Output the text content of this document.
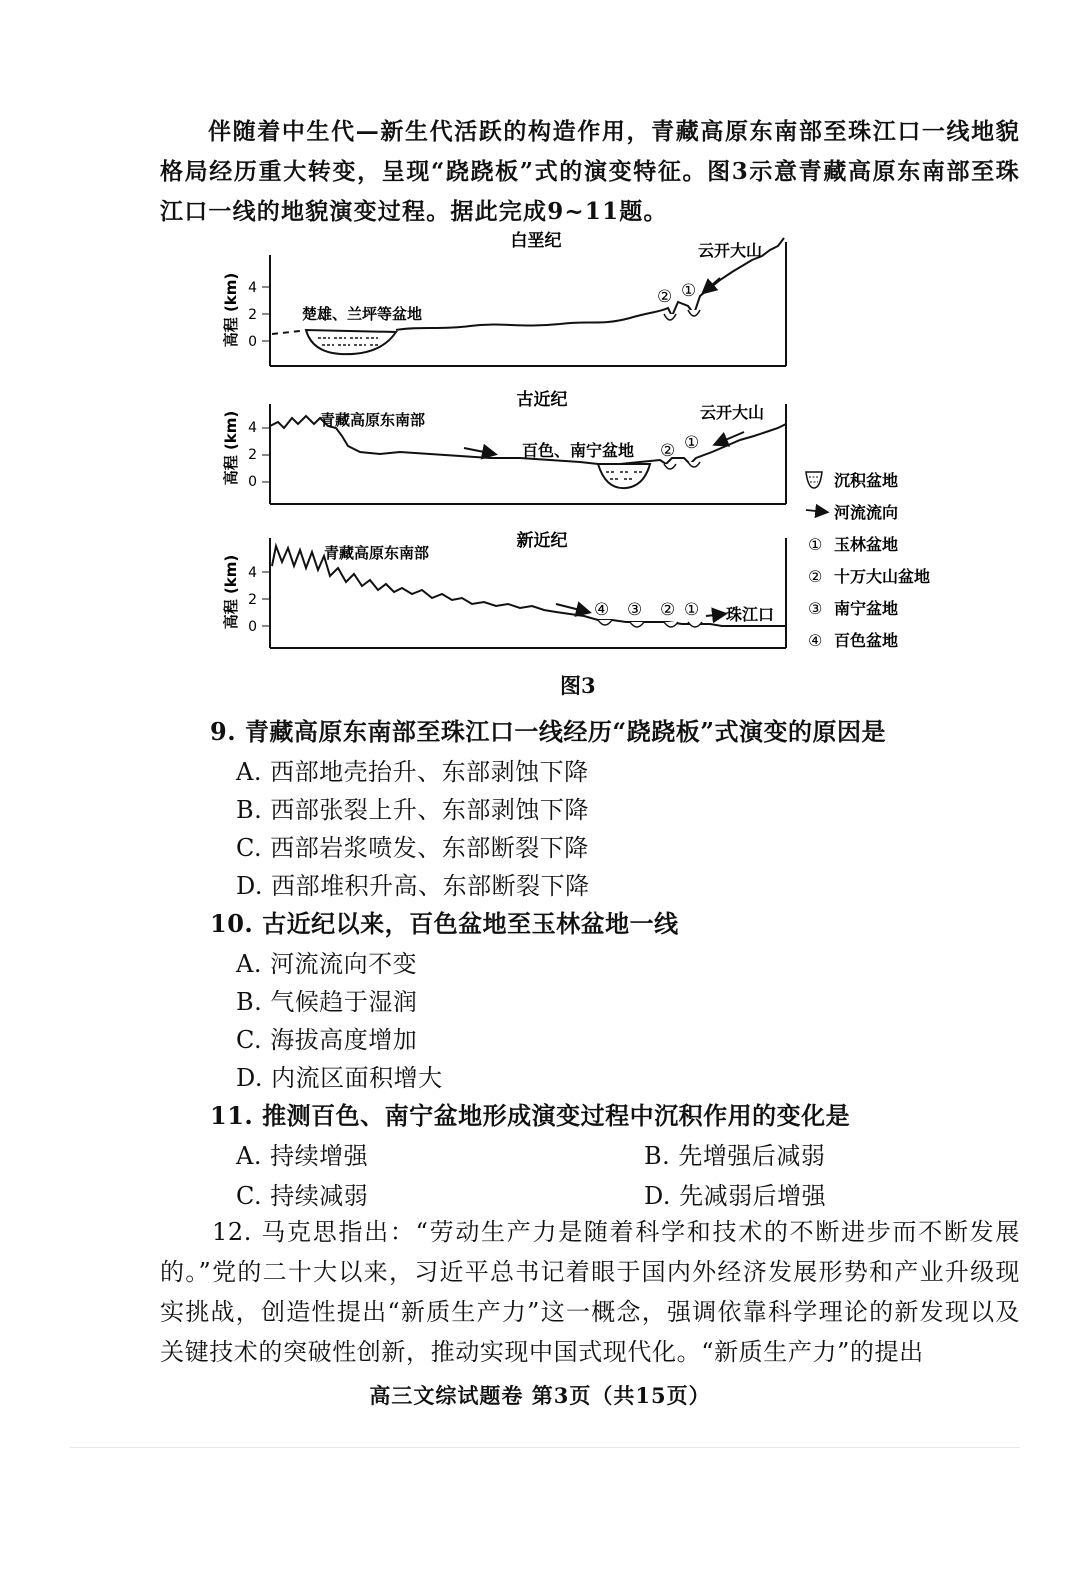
伴随着中生代—新生代活跃的构造作用，青藏高原东南部至珠江口一线地貌格局经历重大转变，呈现“跷跷板”式的演变特征。图3示意青藏高原东南部至珠江口一线的地貌演变过程。据此完成9~11题。

白垩纪
高程 (km) 4
2
0
楚雄、兰坪等盆地
云开大山
② ①
古近纪
高程 (km) 4
2
0
青藏高原东南部
百色、南宁盆地
云开大山
② ①
新近纪
高程 (km) 4
2
0
青藏高原东南部
珠江口
④ ③ ② ①
沉积盆地
河流流向
① 玉林盆地
② 十万大山盆地
③ 南宁盆地
④ 百色盆地
图3
9. 青藏高原东南部至珠江口一线经历“跷跷板”式演变的原因是
A. 西部地壳抬升、东部剥蚀下降
B. 西部张裂上升、东部剥蚀下降
C. 西部岩浆喷发、东部断裂下降
D. 西部堆积升高、东部断裂下降
10. 古近纪以来，百色盆地至玉林盆地一线
A. 河流流向不变
B. 气候趋于湿润
C. 海拔高度增加
D. 内流区面积增大
11. 推测百色、南宁盆地形成演变过程中沉积作用的变化是
A. 持续增强	B. 先增强后减弱
C. 持续减弱	D. 先减弱后增强

12. 马克思指出：“劳动生产力是随着科学和技术的不断进步而不断发展的。”党的二十大以来，习近平总书记着眼于国内外经济发展形势和产业升级现实挑战，创造性提出“新质生产力”这一概念，强调依靠科学理论的新发现以及关键技术的突破性创新，推动实现中国式现代化。“新质生产力”的提出

高三文综试题卷 第3页（共15页）
